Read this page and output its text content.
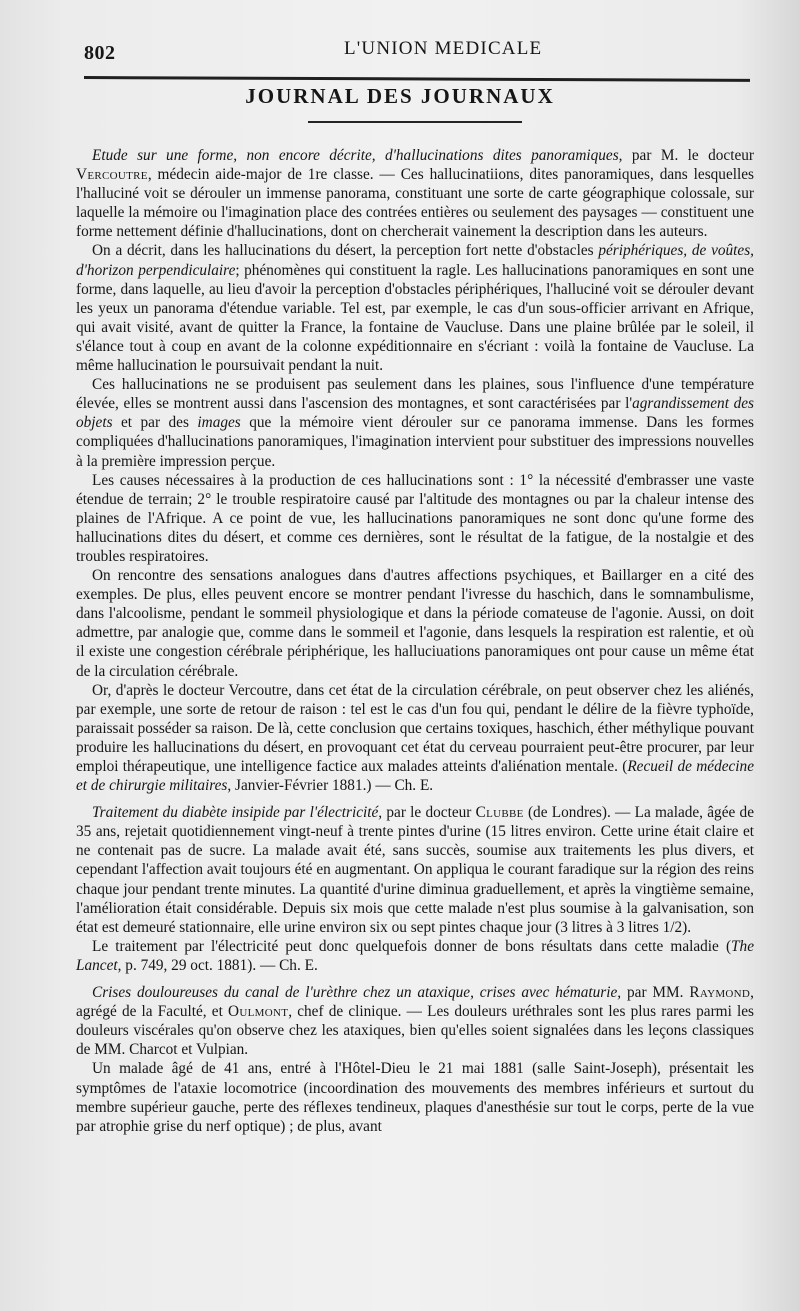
802	L'UNION MEDICALE
JOURNAL DES JOURNAUX

Etude sur une forme, non encore décrite, d'hallucinations dites panoramiques, par M. le docteur Vercoutre, médecin aide-major de 1re classe. — Ces hallucinatiions, dites panoramiques, dans lesquelles l'halluciné voit se dérouler un immense panorama, constituant une sorte de carte géographique colossale, sur laquelle la mémoire ou l'imagination place des contrées entières ou seulement des paysages — constituent une forme nettement définie d'hallucinations, dont on chercherait vainement la description dans les auteurs.

On a décrit, dans les hallucinations du désert, la perception fort nette d'obstacles périphériques, de voûtes, d'horizon perpendiculaire; phénomènes qui constituent la ragle. Les hallucinations panoramiques en sont une forme, dans laquelle, au lieu d'avoir la perception d'obstacles périphériques, l'halluciné voit se dérouler devant les yeux un panorama d'étendue variable. Tel est, par exemple, le cas d'un sous-officier arrivant en Afrique, qui avait visité, avant de quitter la France, la fontaine de Vaucluse. Dans une plaine brûlée par le soleil, il s'élance tout à coup en avant de la colonne expéditionnaire en s'écriant : voilà la fontaine de Vaucluse. La même hallucination le poursuivait pendant la nuit.

Ces hallucinations ne se produisent pas seulement dans les plaines, sous l'influence d'une température élevée, elles se montrent aussi dans l'ascension des montagnes, et sont caractérisées par l'agrandissement des objets et par des images que la mémoire vient dérouler sur ce panorama immense. Dans les formes compliquées d'hallucinations panoramiques, l'imagination intervient pour substituer des impressions nouvelles à la première impression perçue.

Les causes nécessaires à la production de ces hallucinations sont : 1° la nécessité d'embrasser une vaste étendue de terrain; 2° le trouble respiratoire causé par l'altitude des montagnes ou par la chaleur intense des plaines de l'Afrique. A ce point de vue, les hallucinations panoramiques ne sont donc qu'une forme des hallucinations dites du désert, et comme ces dernières, sont le résultat de la fatigue, de la nostalgie et des troubles respiratoires.

On rencontre des sensations analogues dans d'autres affections psychiques, et Baillarger en a cité des exemples. De plus, elles peuvent encore se montrer pendant l'ivresse du haschich, dans le somnambulisme, dans l'alcoolisme, pendant le sommeil physiologique et dans la période comateuse de l'agonie. Aussi, on doit admettre, par analogie que, comme dans le sommeil et l'agonie, dans lesquels la respiration est ralentie, et où il existe une congestion cérébrale périphérique, les halluciuations panoramiques ont pour cause un même état de la circulation cérébrale.

Or, d'après le docteur Vercoutre, dans cet état de la circulation cérébrale, on peut observer chez les aliénés, par exemple, une sorte de retour de raison : tel est le cas d'un fou qui, pendant le délire de la fièvre typhoïde, paraissait posséder sa raison. De là, cette conclusion que certains toxiques, haschich, éther méthylique pouvant produire les hallucinations du désert, en provoquant cet état du cerveau pourraient peut-être procurer, par leur emploi thérapeutique, une intelligence factice aux malades atteints d'aliénation mentale. (Recueil de médecine et de chirurgie militaires, Janvier-Février 1881.) — Ch. E.

Traitement du diabète insipide par l'électricité, par le docteur Clubbe (de Londres). — La malade, âgée de 35 ans, rejetait quotidiennement vingt-neuf à trente pintes d'urine (15 litres environ. Cette urine était claire et ne contenait pas de sucre. La malade avait été, sans succès, soumise aux traitements les plus divers, et cependant l'affection avait toujours été en augmentant. On appliqua le courant faradique sur la région des reins chaque jour pendant trente minutes. La quantité d'urine diminua graduellement, et après la vingtième semaine, l'amélioration était considérable. Depuis six mois que cette malade n'est plus soumise à la galvanisation, son état est demeuré stationnaire, elle urine environ six ou sept pintes chaque jour (3 litres à 3 litres 1/2).

Le traitement par l'électricité peut donc quelquefois donner de bons résultats dans cette maladie (The Lancet, p. 749, 29 oct. 1881). — Ch. E.

Crises douloureuses du canal de l'urèthre chez un ataxique, crises avec hématurie, par MM. Raymond, agrégé de la Faculté, et Oulmont, chef de clinique. — Les douleurs uréthrales sont les plus rares parmi les douleurs viscérales qu'on observe chez les ataxiques, bien qu'elles soient signalées dans les leçons classiques de MM. Charcot et Vulpian.

Un malade âgé de 41 ans, entré à l'Hôtel-Dieu le 21 mai 1881 (salle Saint-Joseph), présentait les symptômes de l'ataxie locomotrice (incoordination des mouvements des membres inférieurs et surtout du membre supérieur gauche, perte des réflexes tendineux, plaques d'anesthésie sur tout le corps, perte de la vue par atrophie grise du nerf optique) ; de plus, avant
